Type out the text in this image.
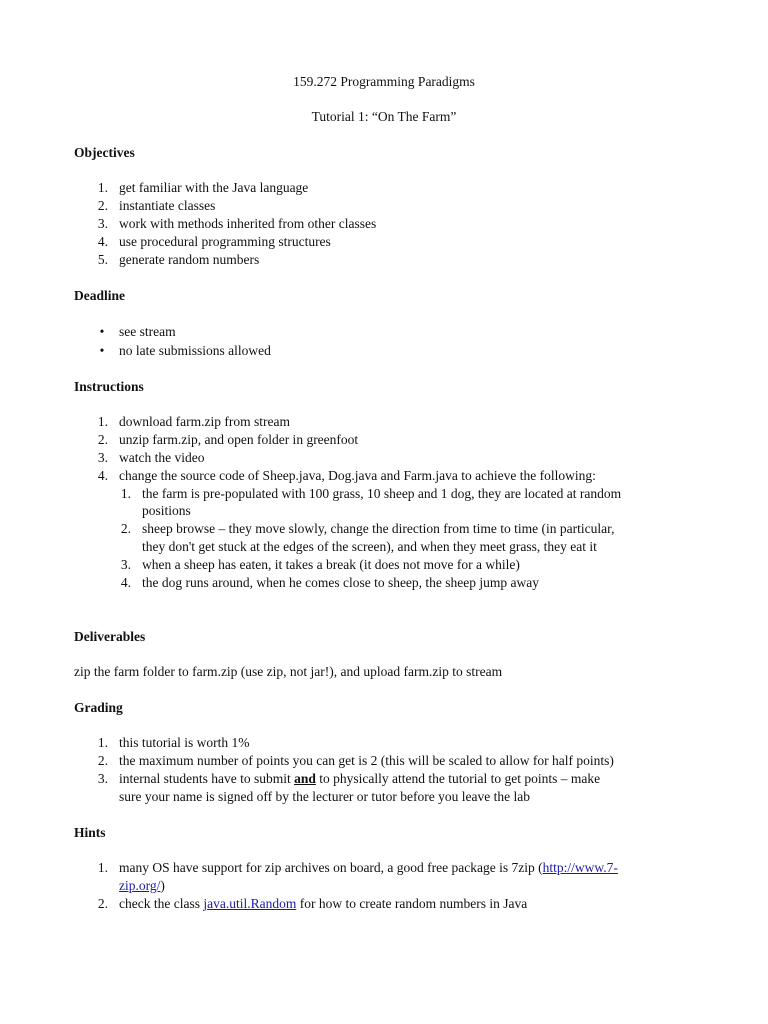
159.272 Programming Paradigms
Tutorial 1: “On The Farm”
Objectives
1. get familiar with the Java language
2. instantiate classes
3. work with methods inherited from other classes
4. use procedural programming structures
5. generate random numbers
Deadline
• see stream
• no late submissions allowed
Instructions
1. download farm.zip from stream
2. unzip farm.zip, and open folder in greenfoot
3. watch the video
4. change the source code of Sheep.java, Dog.java and Farm.java to achieve the following:
1. the farm is pre-populated with 100 grass, 10 sheep and 1 dog, they are located at random
positions
2. sheep browse – they move slowly, change the direction from time to time (in particular,
they don't get stuck at the edges of the screen), and when they meet grass, they eat it
3. when a sheep has eaten, it takes a break (it does not move for a while)
4. the dog runs around, when he comes close to sheep, the sheep jump away
Deliverables
zip the farm folder to farm.zip (use zip, not jar!), and upload farm.zip to stream
Grading
1. this tutorial is worth 1%
2. the maximum number of points you can get is 2 (this will be scaled to allow for half points)
3. internal students have to submit and to physically attend the tutorial to get points – make
sure your name is signed off by the lecturer or tutor before you leave the lab
Hints
1. many OS have support for zip archives on board, a good free package is 7zip (http://www.7-
zip.org/)
2. check the class java.util.Random for how to create random numbers in Java
